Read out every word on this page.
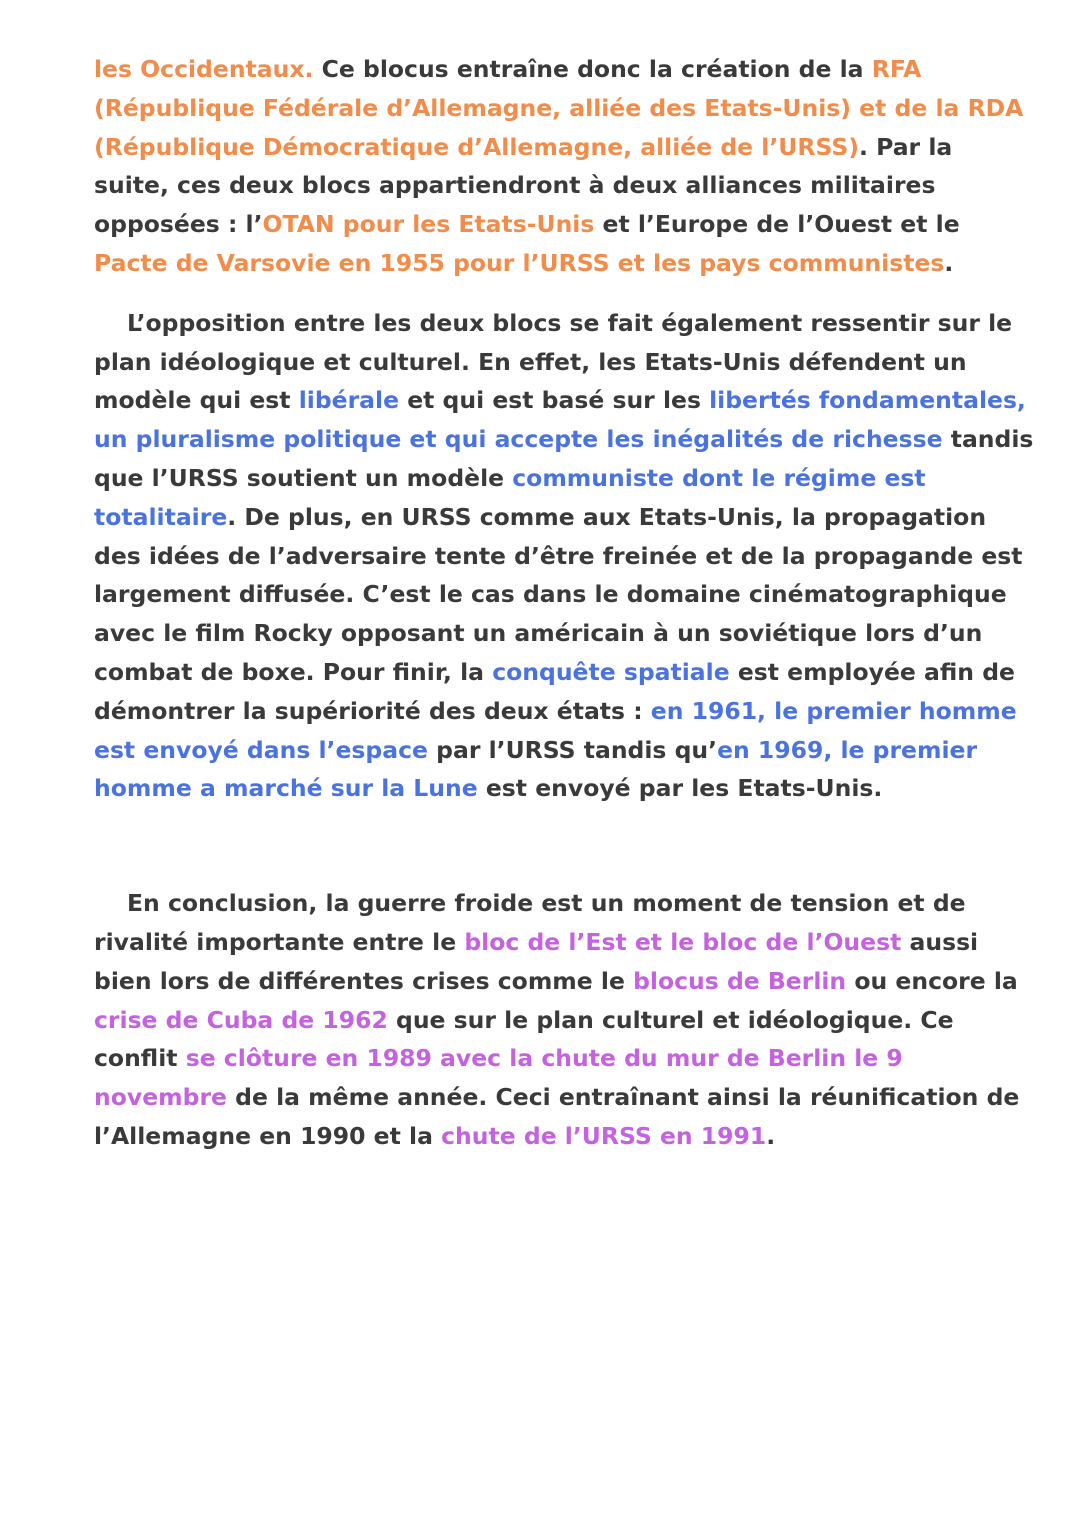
les Occidentaux. Ce blocus entraîne donc la création de la RFA (République Fédérale d’Allemagne, alliée des Etats-Unis) et de la RDA (République Démocratique d’Allemagne, alliée de l’URSS). Par la suite, ces deux blocs appartiendront à deux alliances militaires opposées : l’OTAN pour les Etats-Unis et l’Europe de l’Ouest et le Pacte de Varsovie en 1955 pour l’URSS et les pays communistes.

L’opposition entre les deux blocs se fait également ressentir sur le plan idéologique et culturel. En effet, les Etats-Unis défendent un modèle qui est libérale et qui est basé sur les libertés fondamentales, un pluralisme politique et qui accepte les inégalités de richesse tandis que l’URSS soutient un modèle communiste dont le régime est totalitaire. De plus, en URSS comme aux Etats-Unis, la propagation des idées de l’adversaire tente d’être freinée et de la propagande est largement diffusée. C’est le cas dans le domaine cinématographique avec le film Rocky opposant un américain à un soviétique lors d’un combat de boxe. Pour finir, la conquête spatiale est employée afin de démontrer la supériorité des deux états : en 1961, le premier homme est envoyé dans l’espace par l’URSS tandis qu’en 1969, le premier homme a marché sur la Lune est envoyé par les Etats-Unis.

En conclusion, la guerre froide est un moment de tension et de rivalité importante entre le bloc de l’Est et le bloc de l’Ouest aussi bien lors de différentes crises comme le blocus de Berlin ou encore la crise de Cuba de 1962 que sur le plan culturel et idéologique. Ce conflit se clôture en 1989 avec la chute du mur de Berlin le 9 novembre de la même année. Ceci entraînant ainsi la réunification de l’Allemagne en 1990 et la chute de l’URSS en 1991.
